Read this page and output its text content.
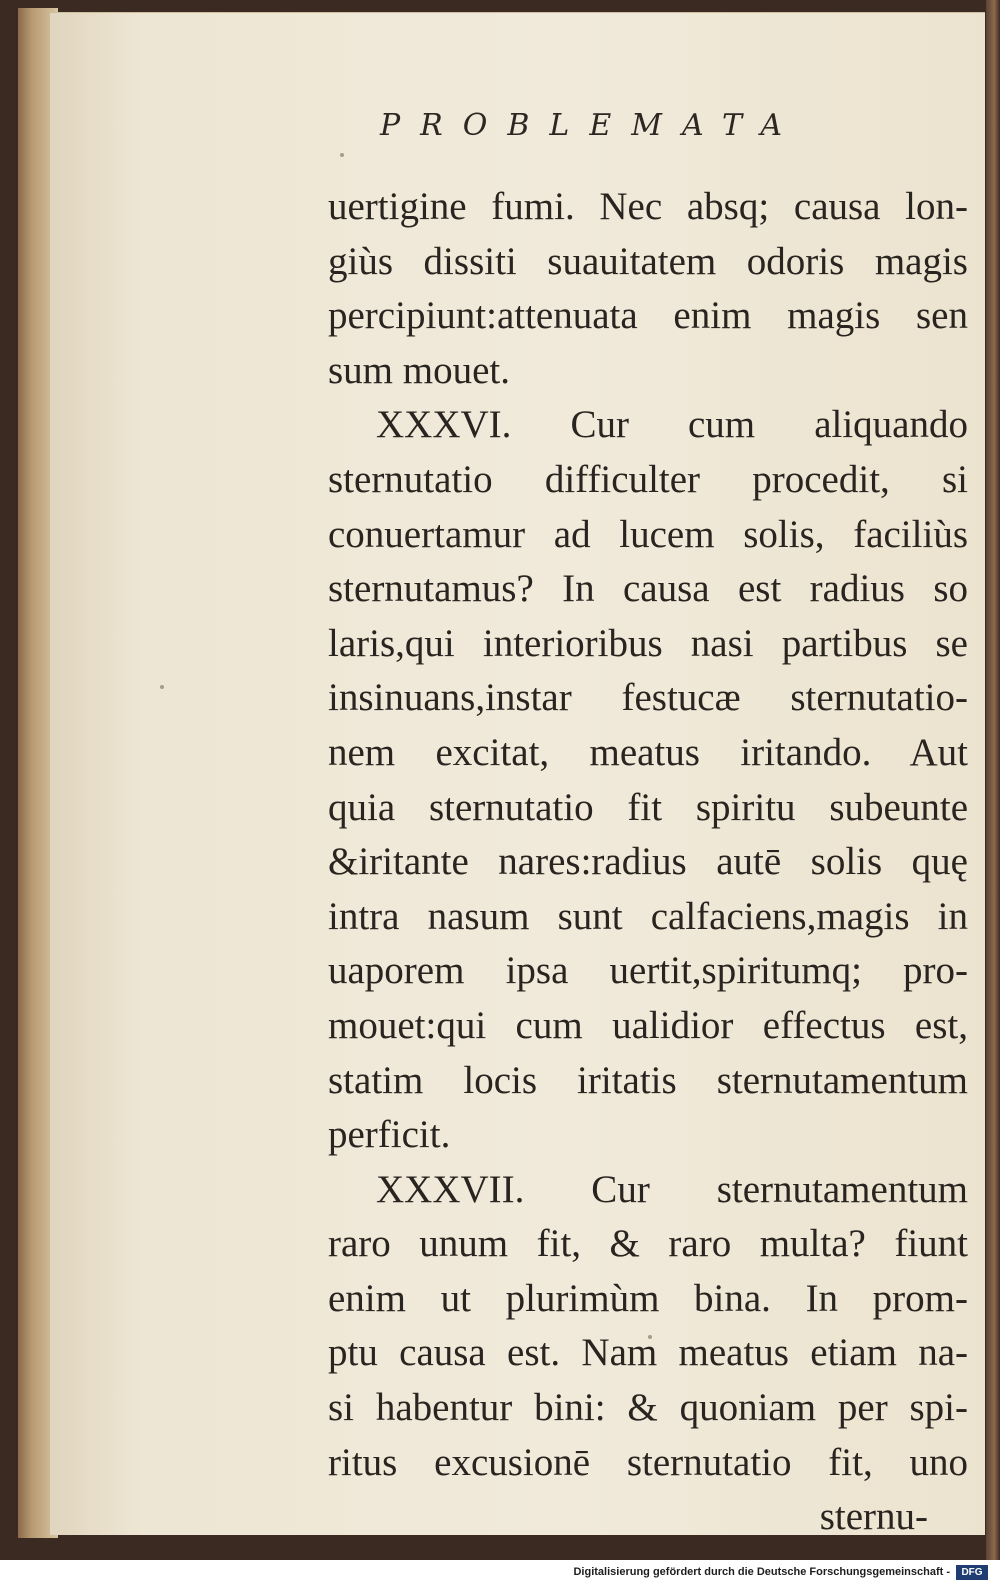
PROBLEMATA
uertigine fumi. Nec absq; causa lon-
giùs dissiti suauitatem odoris magis
percipiunt:attenuata enim magis sen
sum mouet.
XXXVI. Cur cum aliquando
sternutatio difficulter procedit, si
conuertamur ad lucem solis, faciliùs
sternutamus? In causa est radius so
laris,qui interioribus nasi partibus se
insinuans,instar festucæ sternutatio-
nem excitat, meatus iritando. Aut
quia sternutatio fit spiritu subeunte
&iritante nares:radius autē solis quę
intra nasum sunt calfaciens,magis in
uaporem ipsa uertit,spiritumq; pro-
mouet:qui cum ualidior effectus est,
statim locis iritatis sternutamentum
perficit.
XXXVII. Cur sternutamentum
raro unum fit, & raro multa? fiunt
enim ut plurimùm bina. In prom-
ptu causa est. Nam meatus etiam na-
si habentur bini: & quoniam per spi-
ritus excusionē sternutatio fit, uno
sternu-
Digitalisierung gefördert durch die Deutsche Forschungsgemeinschaft -	DFG
